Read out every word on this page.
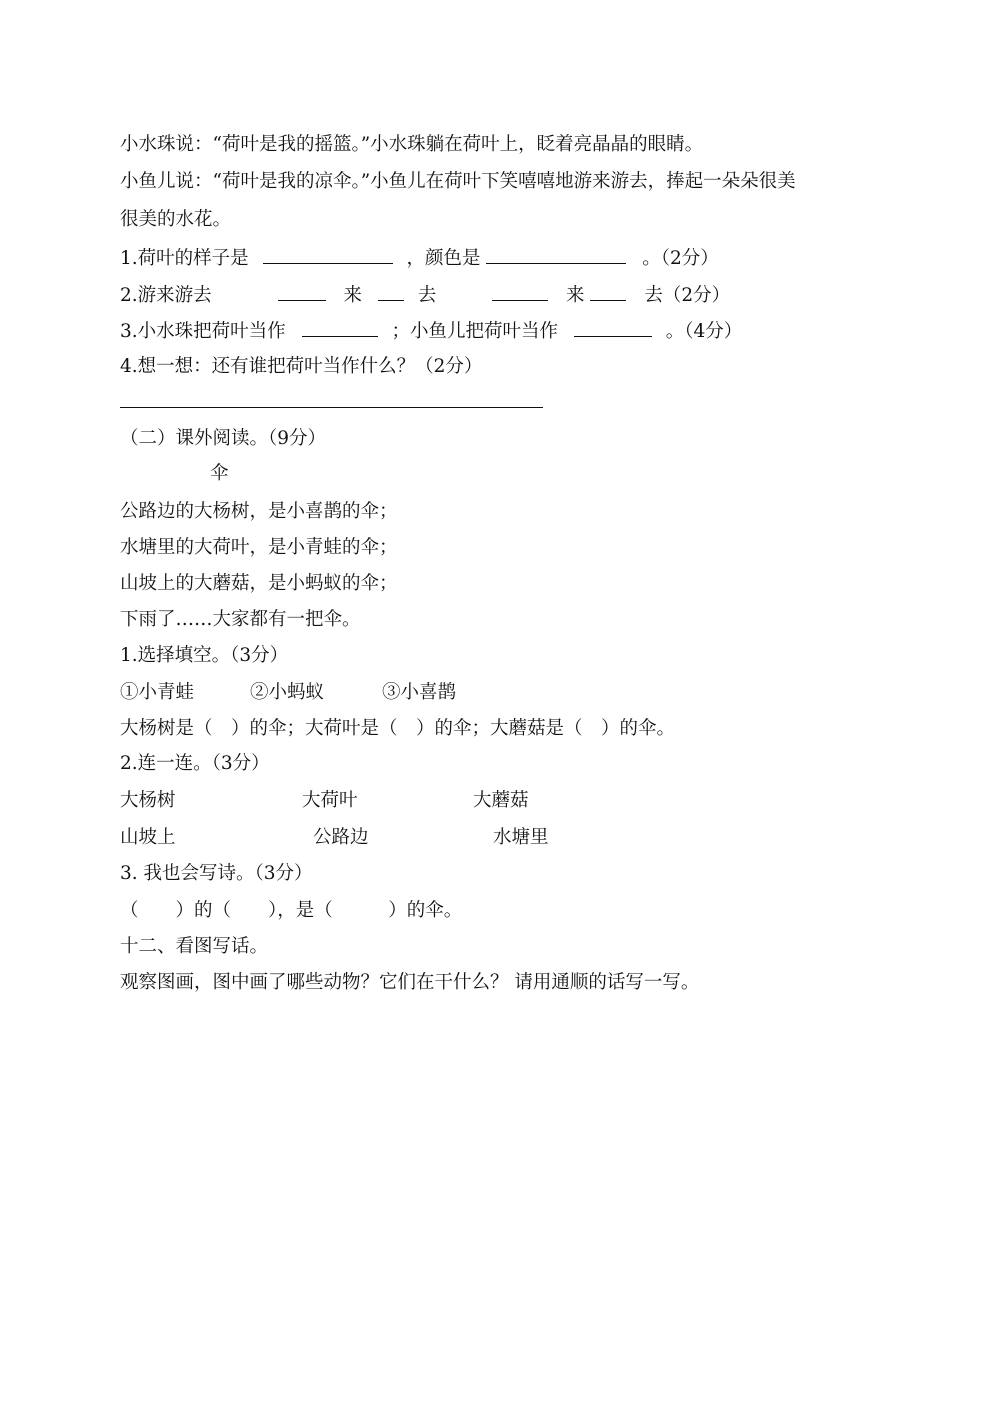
小水珠说：“荷叶是我的摇篮。”小水珠躺在荷叶上，眨着亮晶晶的眼睛。
小鱼儿说：“荷叶是我的凉伞。”小鱼儿在荷叶下笑嘻嘻地游来游去，捧起一朵朵很美
很美的水花。
1.荷叶的样子是	，颜色是	。（2分）
2.游来游去	来	去	来	去（2分）
3.小水珠把荷叶当作	；小鱼儿把荷叶当作	。（4分）
4.想一想：还有谁把荷叶当作什么？（2分）
（二）课外阅读。（9分）
伞
公路边的大杨树，是小喜鹊的伞；
水塘里的大荷叶，是小青蛙的伞；
山坡上的大蘑菇，是小蚂蚁的伞；
下雨了……大家都有一把伞。
1.选择填空。（3分）
①小青蛙	②小蚂蚁	③小喜鹊
大杨树是（　）的伞；大荷叶是（　）的伞；大蘑菇是（　）的伞。
2.连一连。（3分）
大杨树	大荷叶	大蘑菇
山坡上	公路边	水塘里
3. 我也会写诗。（3分）
（　　）的（　　），是（　　　）的伞。
十二、看图写话。
观察图画，图中画了哪些动物？它们在干什么？ 请用通顺的话写一写。
